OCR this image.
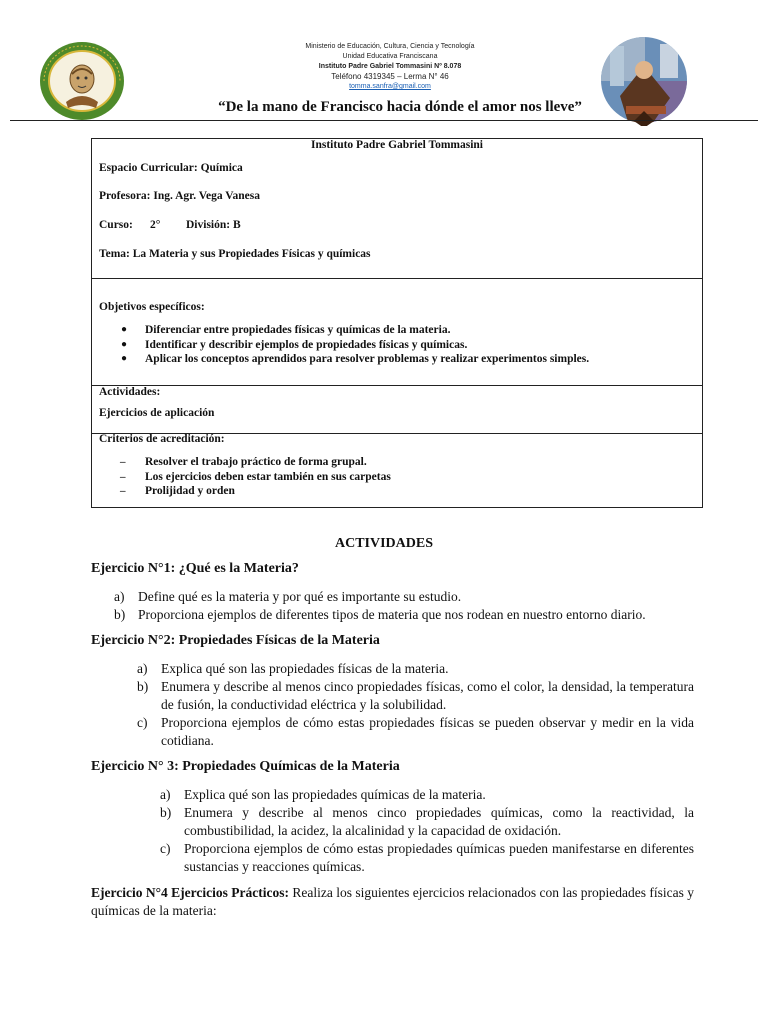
Ministerio de Educación, Cultura, Ciencia y Tecnología
Unidad Educativa Franciscana
Instituto Padre Gabriel Tommasini Nº 8.078
Teléfono 4319345 – Lerma N° 46
tomma.sanfra@gmail.com
“De la mano de Francisco hacia dónde el amor nos lleve”
Instituto Padre Gabriel Tommasini
Espacio Curricular: Química
Profesora: Ing. Agr. Vega Vanesa
Curso: 2° División: B
Tema: La Materia y sus Propiedades Físicas y químicas
Objetivos específicos:
● Diferenciar entre propiedades físicas y químicas de la materia.
● Identificar y describir ejemplos de propiedades físicas y químicas.
● Aplicar los conceptos aprendidos para resolver problemas y realizar experimentos simples.
Actividades:
Ejercicios de aplicación
Criterios de acreditación:
– Resolver el trabajo práctico de forma grupal.
– Los ejercicios deben estar también en sus carpetas
– Prolijidad y orden
ACTIVIDADES
Ejercicio N°1: ¿Qué es la Materia?
a) Define qué es la materia y por qué es importante su estudio.
b) Proporciona ejemplos de diferentes tipos de materia que nos rodean en nuestro entorno diario.
Ejercicio N°2: Propiedades Físicas de la Materia
a) Explica qué son las propiedades físicas de la materia.
b) Enumera y describe al menos cinco propiedades físicas, como el color, la densidad, la temperatura de fusión, la conductividad eléctrica y la solubilidad.
c) Proporciona ejemplos de cómo estas propiedades físicas se pueden observar y medir en la vida cotidiana.
Ejercicio N° 3: Propiedades Químicas de la Materia
a) Explica qué son las propiedades químicas de la materia.
b) Enumera y describe al menos cinco propiedades químicas, como la reactividad, la combustibilidad, la acidez, la alcalinidad y la capacidad de oxidación.
c) Proporciona ejemplos de cómo estas propiedades químicas pueden manifestarse en diferentes sustancias y reacciones químicas.
Ejercicio N°4 Ejercicios Prácticos: Realiza los siguientes ejercicios relacionados con las propiedades físicas y químicas de la materia:
